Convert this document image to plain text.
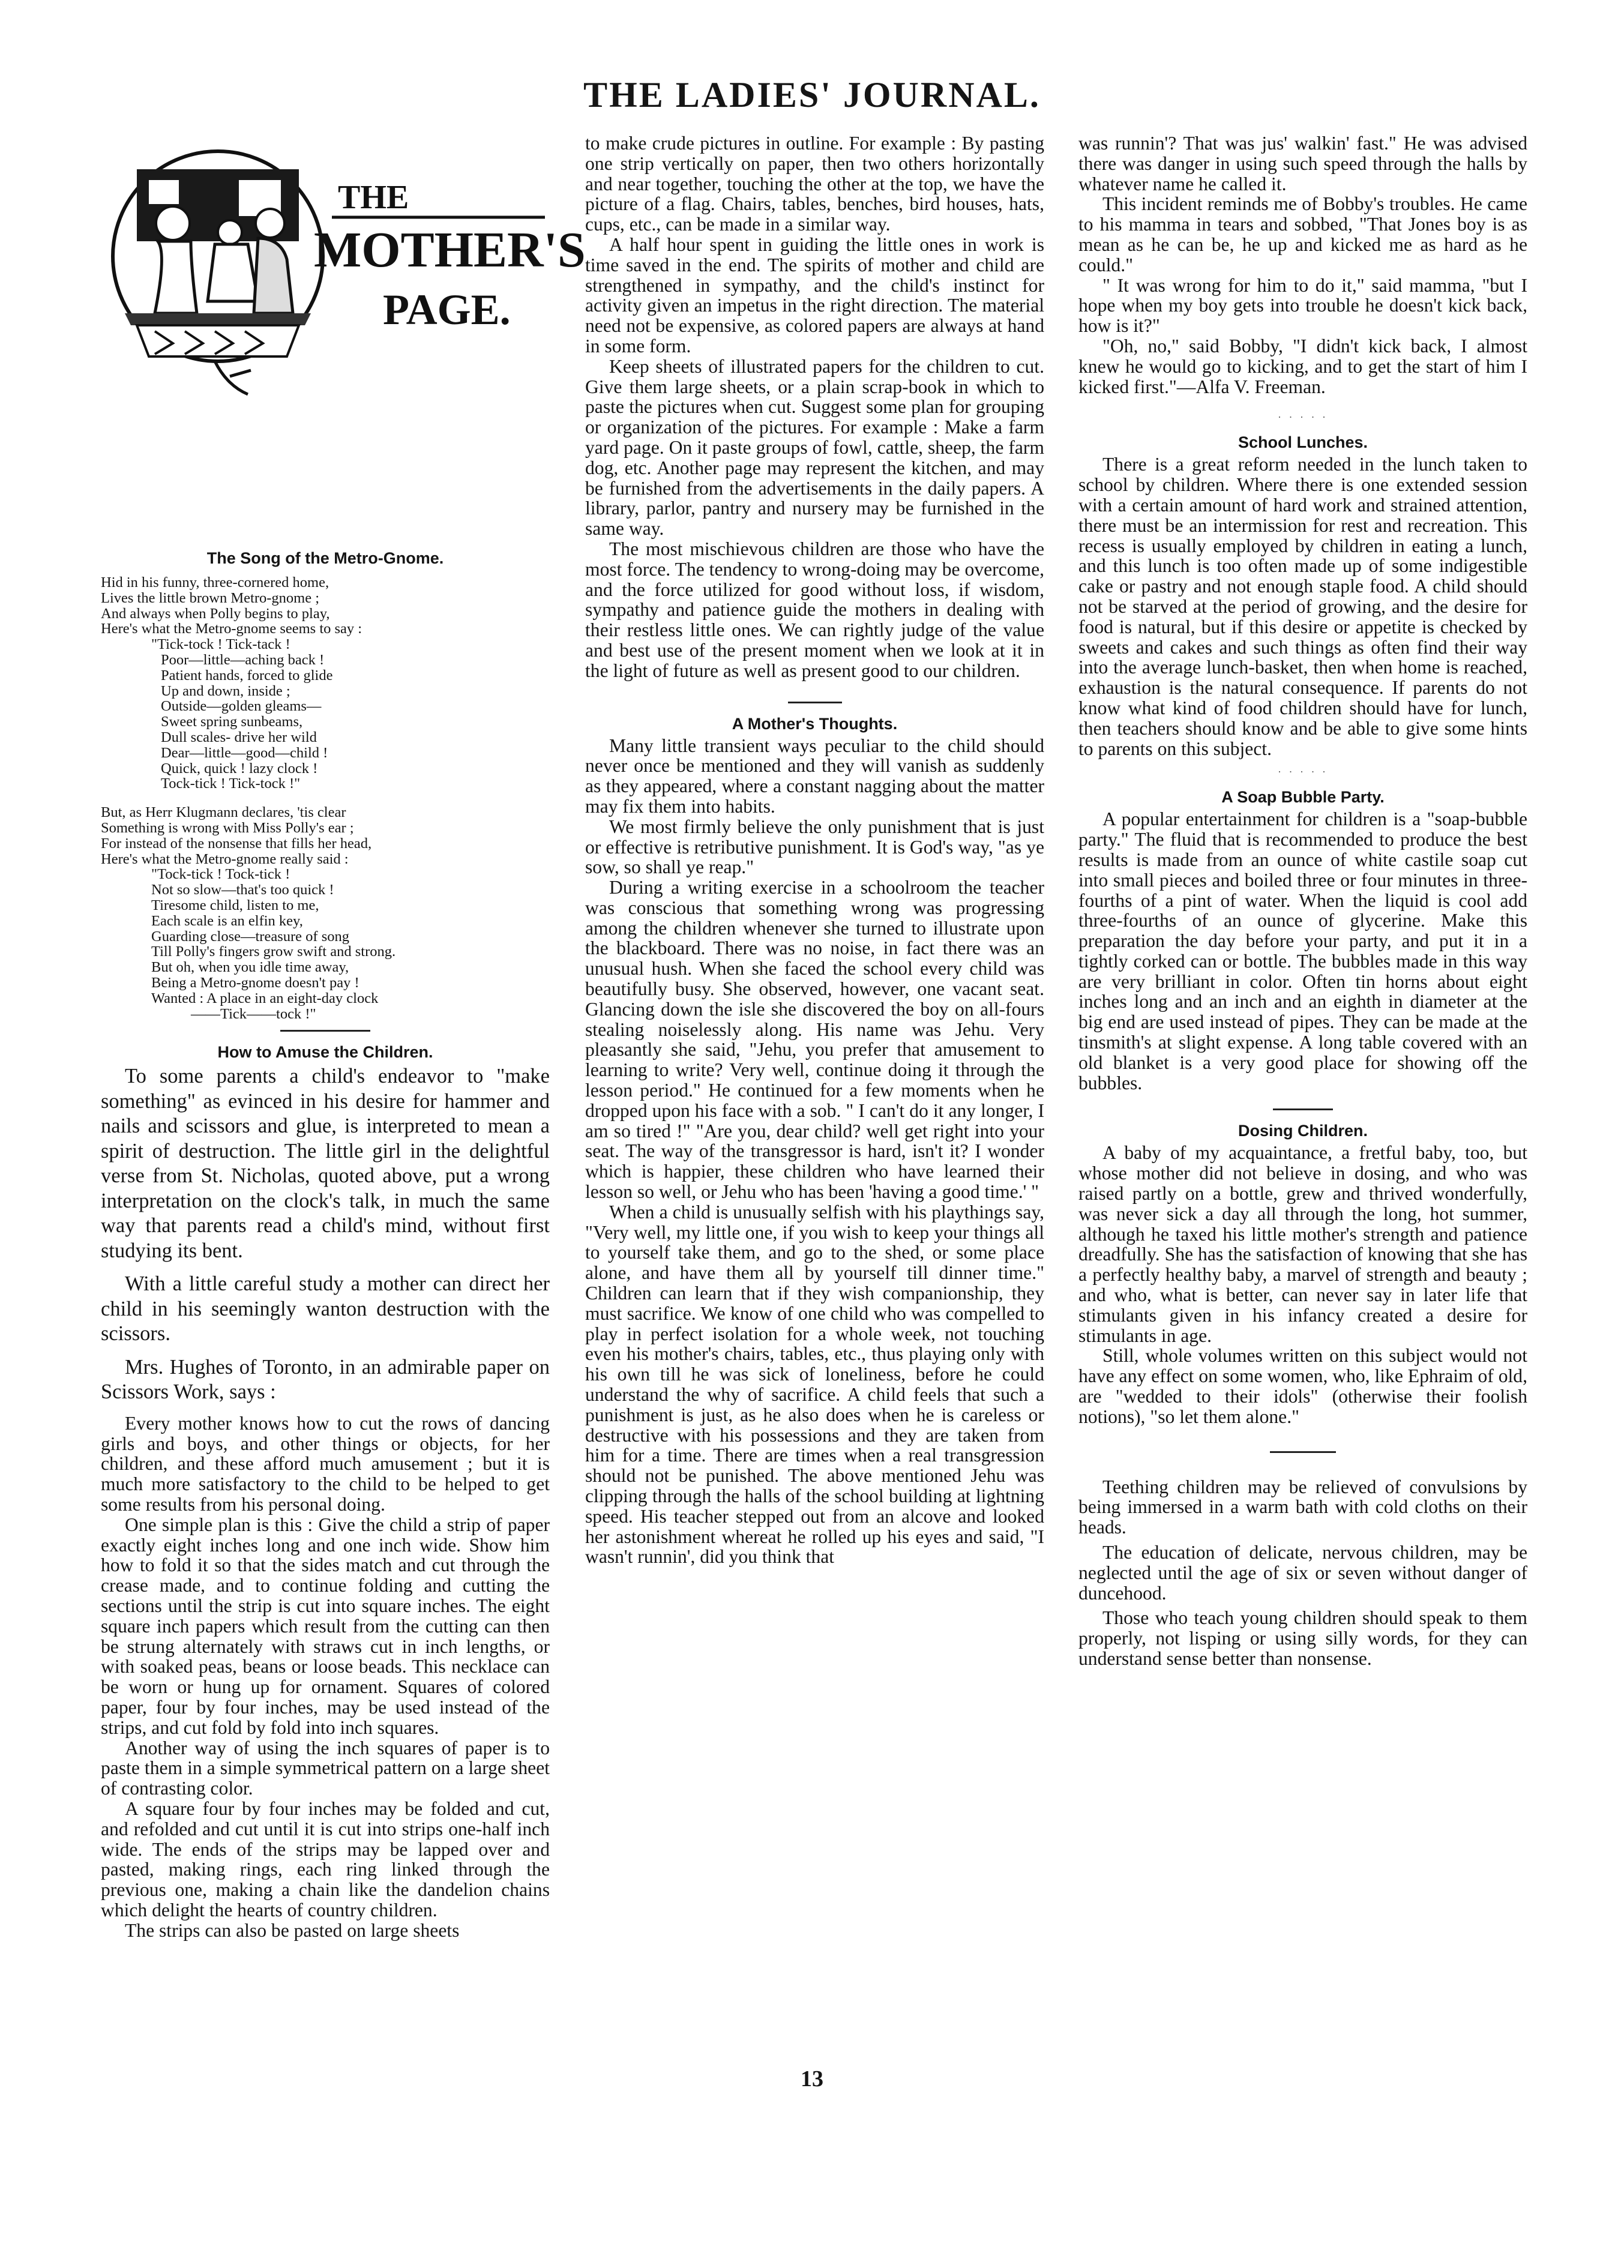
THE LADIES' JOURNAL.
THE
MOTHER'S
PAGE.
The Song of the Metro-Gnome.
Hid in his funny, three-cornered home,
Lives the little brown Metro-gnome ;
And always when Polly begins to play,
Here's what the Metro-gnome seems to say :
"Tick-tock ! Tick-tack !
Poor—little—aching back !
Patient hands, forced to glide
Up and down, inside ;
Outside—golden gleams—
Sweet spring sunbeams,
Dull scales- drive her wild
Dear—little—good—child !
Quick, quick ! lazy clock !
Tock-tick ! Tick-tock !"
But, as Herr Klugmann declares, 'tis clear
Something is wrong with Miss Polly's ear ;
For instead of the nonsense that fills her head,
Here's what the Metro-gnome really said :
"Tock-tick ! Tock-tick !
Not so slow—that's too quick !
Tiresome child, listen to me,
Each scale is an elfin key,
Guarding close—treasure of song
Till Polly's fingers grow swift and strong.
But oh, when you idle time away,
Being a Metro-gnome doesn't pay !
Wanted : A place in an eight-day clock
——Tick——tock !"
How to Amuse the Children.

To some parents a child's endeavor to "make something" as evinced in his desire for hammer and nails and scissors and glue, is interpreted to mean a spirit of destruction. The little girl in the delightful verse from St. Nicholas, quoted above, put a wrong interpretation on the clock's talk, in much the same way that parents read a child's mind, without first studying its bent.

With a little careful study a mother can direct her child in his seemingly wanton destruction with the scissors.

Mrs. Hughes of Toronto, in an admirable paper on Scissors Work, says :

Every mother knows how to cut the rows of dancing girls and boys, and other things or objects, for her children, and these afford much amusement ; but it is much more satisfactory to the child to be helped to get some results from his personal doing.

One simple plan is this : Give the child a strip of paper exactly eight inches long and one inch wide. Show him how to fold it so that the sides match and cut through the crease made, and to continue folding and cutting the sections until the strip is cut into square inches. The eight square inch papers which result from the cutting can then be strung alternately with straws cut in inch lengths, or with soaked peas, beans or loose beads. This necklace can be worn or hung up for ornament. Squares of colored paper, four by four inches, may be used instead of the strips, and cut fold by fold into inch squares.

Another way of using the inch squares of paper is to paste them in a simple symmetrical pattern on a large sheet of contrasting color.

A square four by four inches may be folded and cut, and refolded and cut until it is cut into strips one-half inch wide. The ends of the strips may be lapped over and pasted, making rings, each ring linked through the previous one, making a chain like the dandelion chains which delight the hearts of country children.

The strips can also be pasted on large sheets

to make crude pictures in outline. For example : By pasting one strip vertically on paper, then two others horizontally and near together, touching the other at the top, we have the picture of a flag. Chairs, tables, benches, bird houses, hats, cups, etc., can be made in a similar way.

A half hour spent in guiding the little ones in work is time saved in the end. The spirits of mother and child are strengthened in sympathy, and the child's instinct for activity given an impetus in the right direction. The material need not be expensive, as colored papers are always at hand in some form.

Keep sheets of illustrated papers for the children to cut. Give them large sheets, or a plain scrap-book in which to paste the pictures when cut. Suggest some plan for grouping or organization of the pictures. For example : Make a farm yard page. On it paste groups of fowl, cattle, sheep, the farm dog, etc. Another page may represent the kitchen, and may be furnished from the advertisements in the daily papers. A library, parlor, pantry and nursery may be furnished in the same way.

The most mischievous children are those who have the most force. The tendency to wrong-doing may be overcome, and the force utilized for good without loss, if wisdom, sympathy and patience guide the mothers in dealing with their restless little ones. We can rightly judge of the value and best use of the present moment when we look at it in the light of future as well as present good to our children.

A Mother's Thoughts.

Many little transient ways peculiar to the child should never once be mentioned and they will vanish as suddenly as they appeared, where a constant nagging about the matter may fix them into habits.

We most firmly believe the only punishment that is just or effective is retributive punishment. It is God's way, "as ye sow, so shall ye reap."

During a writing exercise in a schoolroom the teacher was conscious that something wrong was progressing among the children whenever she turned to illustrate upon the blackboard. There was no noise, in fact there was an unusual hush. When she faced the school every child was beautifully busy. She observed, however, one vacant seat. Glancing down the isle she discovered the boy on all-fours stealing noiselessly along. His name was Jehu. Very pleasantly she said, "Jehu, you prefer that amusement to learning to write? Very well, continue doing it through the lesson period." He continued for a few moments when he dropped upon his face with a sob. " I can't do it any longer, I am so tired !" "Are you, dear child? well get right into your seat. The way of the transgressor is hard, isn't it? I wonder which is happier, these children who have learned their lesson so well, or Jehu who has been 'having a good time.' "

When a child is unusually selfish with his playthings say, "Very well, my little one, if you wish to keep your things all to yourself take them, and go to the shed, or some place alone, and have them all by yourself till dinner time." Children can learn that if they wish companionship, they must sacrifice. We know of one child who was compelled to play in perfect isolation for a whole week, not touching even his mother's chairs, tables, etc., thus playing only with his own till he was sick of loneliness, before he could understand the why of sacrifice. A child feels that such a punishment is just, as he also does when he is careless or destructive with his possessions and they are taken from him for a time. There are times when a real transgression should not be punished. The above mentioned Jehu was clipping through the halls of the school building at lightning speed. His teacher stepped out from an alcove and looked her astonishment whereat he rolled up his eyes and said, "I wasn't runnin', did you think that

was runnin'? That was jus' walkin' fast." He was advised there was danger in using such speed through the halls by whatever name he called it.

This incident reminds me of Bobby's troubles. He came to his mamma in tears and sobbed, "That Jones boy is as mean as he can be, he up and kicked me as hard as he could."

" It was wrong for him to do it," said mamma, "but I hope when my boy gets into trouble he doesn't kick back, how is it?"

"Oh, no," said Bobby, "I didn't kick back, I almost knew he would go to kicking, and to get the start of him I kicked first."—Alfa V. Freeman.

· · · · ·
School Lunches.

There is a great reform needed in the lunch taken to school by children. Where there is one extended session with a certain amount of hard work and strained attention, there must be an intermission for rest and recreation. This recess is usually employed by children in eating a lunch, and this lunch is too often made up of some indigestible cake or pastry and not enough staple food. A child should not be starved at the period of growing, and the desire for food is natural, but if this desire or appetite is checked by sweets and cakes and such things as often find their way into the average lunch-basket, then when home is reached, exhaustion is the natural consequence. If parents do not know what kind of food children should have for lunch, then teachers should know and be able to give some hints to parents on this subject.

· · · · ·
A Soap Bubble Party.

A popular entertainment for children is a "soap-bubble party." The fluid that is recommended to produce the best results is made from an ounce of white castile soap cut into small pieces and boiled three or four minutes in three-fourths of a pint of water. When the liquid is cool add three-fourths of an ounce of glycerine. Make this preparation the day before your party, and put it in a tightly corked can or bottle. The bubbles made in this way are very brilliant in color. Often tin horns about eight inches long and an inch and an eighth in diameter at the big end are used instead of pipes. They can be made at the tinsmith's at slight expense. A long table covered with an old blanket is a very good place for showing off the bubbles.

Dosing Children.

A baby of my acquaintance, a fretful baby, too, but whose mother did not believe in dosing, and who was raised partly on a bottle, grew and thrived wonderfully, was never sick a day all through the long, hot summer, although he taxed his little mother's strength and patience dreadfully. She has the satisfaction of knowing that she has a perfectly healthy baby, a marvel of strength and beauty ; and who, what is better, can never say in later life that stimulants given in his infancy created a desire for stimulants in age.

Still, whole volumes written on this subject would not have any effect on some women, who, like Ephraim of old, are "wedded to their idols" (otherwise their foolish notions), "so let them alone."

Teething children may be relieved of convulsions by being immersed in a warm bath with cold cloths on their heads.

The education of delicate, nervous children, may be neglected until the age of six or seven without danger of duncehood.

Those who teach young children should speak to them properly, not lisping or using silly words, for they can understand sense better than nonsense.

13
